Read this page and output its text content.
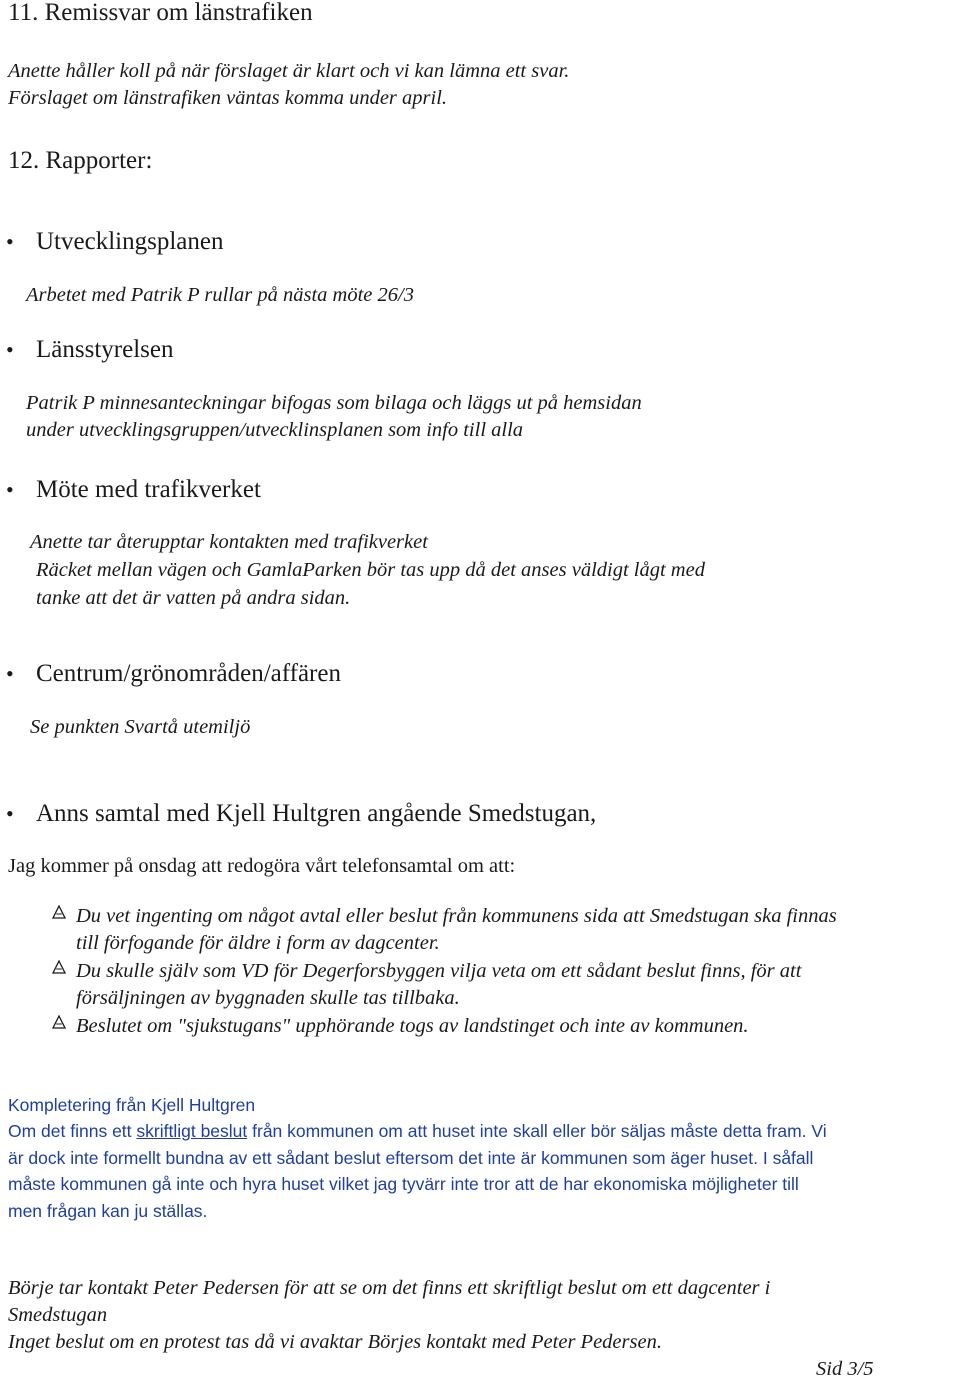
11. Remissvar om länstrafiken
Anette håller koll på när förslaget är klart och vi kan lämna ett svar.
Förslaget om länstrafiken väntas komma under april.
12. Rapporter:
• Utvecklingsplanen
Arbetet med Patrik P rullar på nästa möte 26/3
• Länsstyrelsen
Patrik P minnesanteckningar bifogas som bilaga och läggs ut på hemsidan
under utvecklingsgruppen/utvecklinsplanen som info till alla
• Möte med trafikverket
Anette tar återupptar kontakten med trafikverket
Räcket mellan vägen och GamlaParken bör tas upp då det anses väldigt lågt med
tanke att det är vatten på andra sidan.
• Centrum/grönområden/affären
Se punkten Svartå utemiljö
• Anns samtal med Kjell Hultgren angående Smedstugan,
Jag kommer på onsdag att redogöra vårt telefonsamtal om att:
Du vet ingenting om något avtal eller beslut från kommunens sida att Smedstugan ska finnas
till förfogande för äldre i form av dagcenter.
Du skulle själv som VD för Degerforsbyggen vilja veta om ett sådant beslut finns, för att
försäljningen av byggnaden skulle tas tillbaka.
Beslutet om "sjukstugans" upphörande togs av landstinget och inte av kommunen.
Kompletering från Kjell Hultgren
Om det finns ett skriftligt beslut från kommunen om att huset inte skall eller bör säljas måste detta fram. Vi
är dock inte formellt bundna av ett sådant beslut eftersom det inte är kommunen som äger huset. I såfall
måste kommunen gå inte och hyra huset vilket jag tyvärr inte tror att de har ekonomiska möjligheter till
men frågan kan ju ställas.
Börje tar kontakt Peter Pedersen för att se om det finns ett skriftligt beslut om ett dagcenter i
Smedstugan
Inget beslut om en protest tas då vi avaktar Börjes kontakt med Peter Pedersen.
Sid 3/5
